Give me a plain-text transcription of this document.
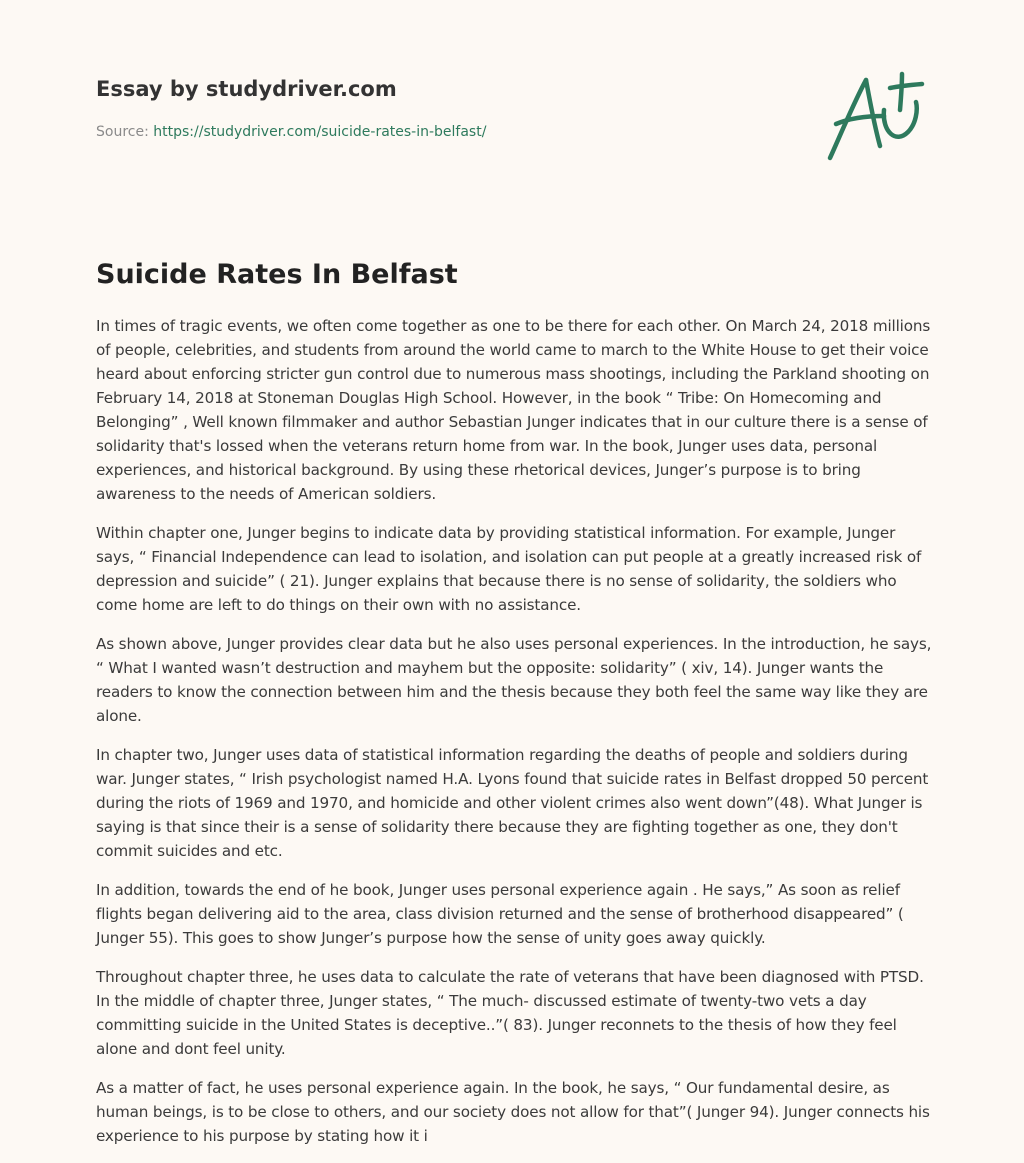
Essay by studydriver.com
Source: https://studydriver.com/suicide-rates-in-belfast/
Suicide Rates In Belfast

In times of tragic events, we often come together as one to be there for each other. On March 24, 2018 millions of people, celebrities, and students from around the world came to march to the White House to get their voice heard about enforcing stricter gun control due to numerous mass shootings, including the Parkland shooting on February 14, 2018 at Stoneman Douglas High School. However, in the book “ Tribe: On Homecoming and Belonging” , Well known filmmaker and author Sebastian Junger indicates that in our culture there is a sense of solidarity that's lossed when the veterans return home from war. In the book, Junger uses data, personal experiences, and historical background. By using these rhetorical devices, Junger’s purpose is to bring awareness to the needs of American soldiers.

Within chapter one, Junger begins to indicate data by providing statistical information. For example, Junger says, “ Financial Independence can lead to isolation, and isolation can put people at a greatly increased risk of depression and suicide” ( 21). Junger explains that because there is no sense of solidarity, the soldiers who come home are left to do things on their own with no assistance.

As shown above, Junger provides clear data but he also uses personal experiences. In the introduction, he says, “ What I wanted wasn’t destruction and mayhem but the opposite: solidarity” ( xiv, 14). Junger wants the readers to know the connection between him and the thesis because they both feel the same way like they are alone.

In chapter two, Junger uses data of statistical information regarding the deaths of people and soldiers during war. Junger states, “ Irish psychologist named H.A. Lyons found that suicide rates in Belfast dropped 50 percent during the riots of 1969 and 1970, and homicide and other violent crimes also went down”(48). What Junger is saying is that since their is a sense of solidarity there because they are fighting together as one, they don't commit suicides and etc.

In addition, towards the end of he book, Junger uses personal experience again . He says,” As soon as relief flights began delivering aid to the area, class division returned and the sense of brotherhood disappeared” ( Junger 55). This goes to show Junger’s purpose how the sense of unity goes away quickly.

Throughout chapter three, he uses data to calculate the rate of veterans that have been diagnosed with PTSD. In the middle of chapter three, Junger states, “ The much- discussed estimate of twenty-two vets a day committing suicide in the United States is deceptive..”( 83). Junger reconnets to the thesis of how they feel alone and dont feel unity.

As a matter of fact, he uses personal experience again. In the book, he says, “ Our fundamental desire, as human beings, is to be close to others, and our society does not allow for that”( Junger 94). Junger connects his experience to his purpose by stating how it i
